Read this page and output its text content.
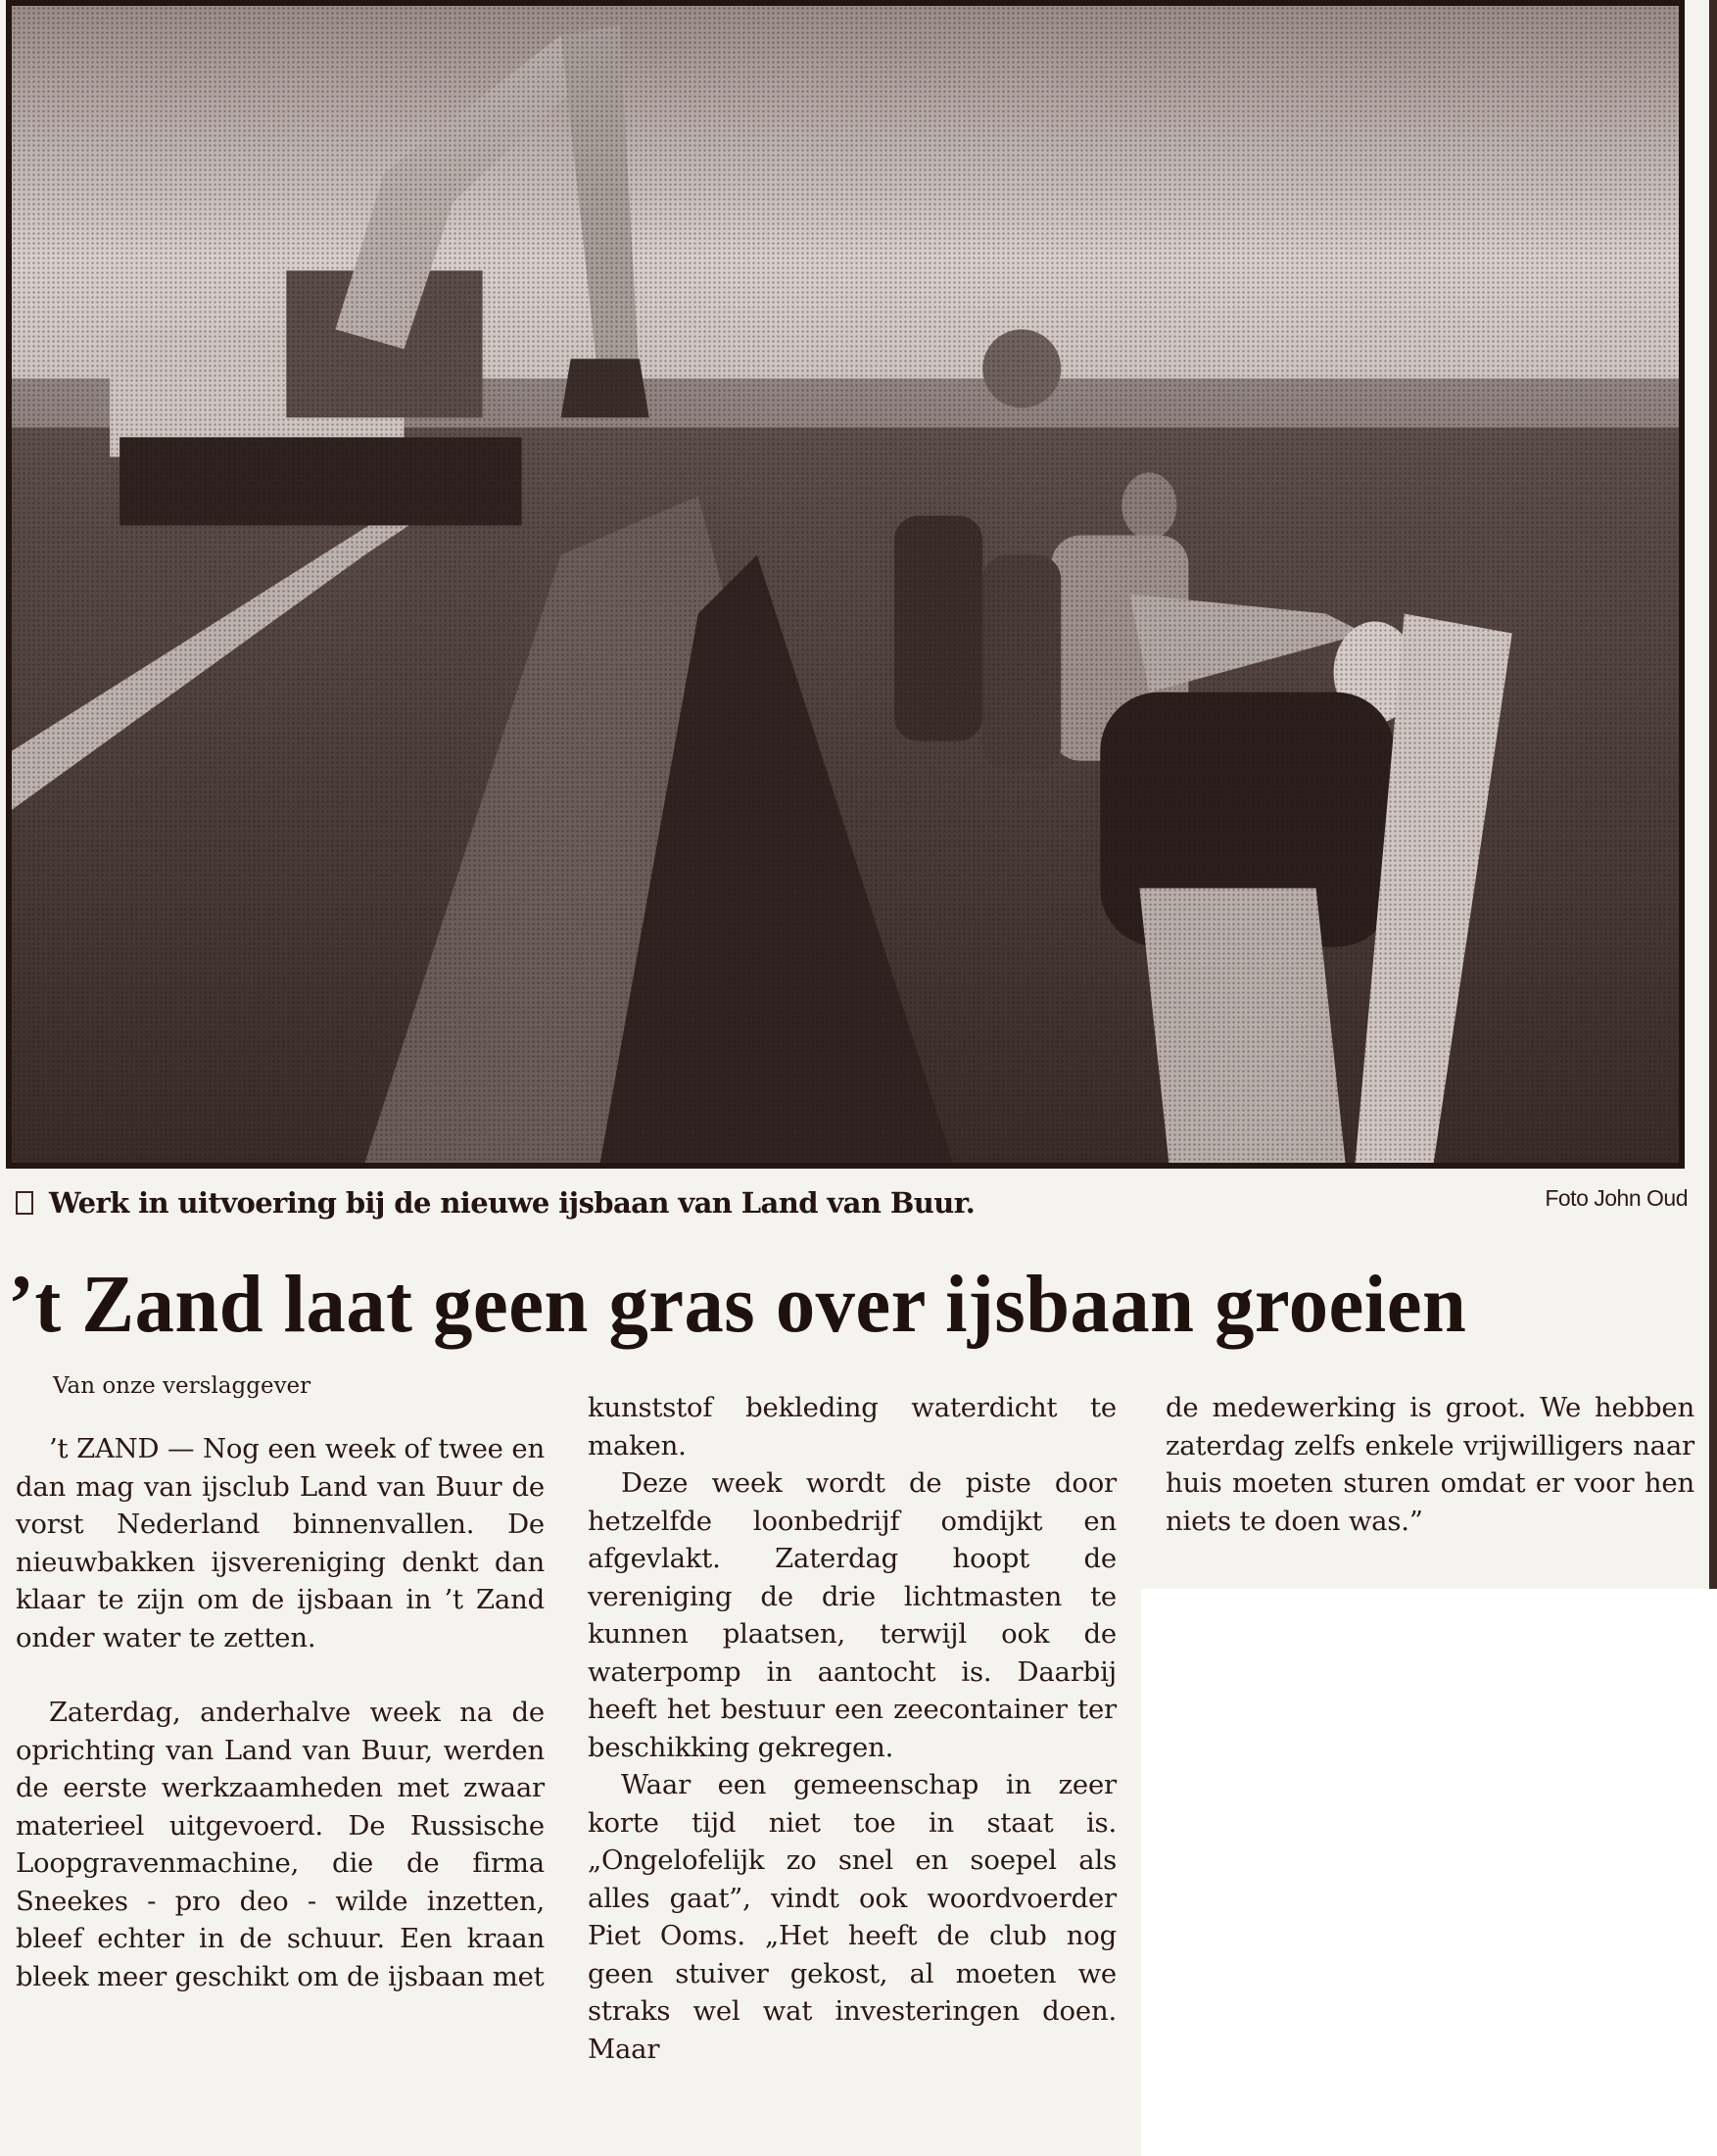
Werk in uitvoering bij de nieuwe ijsbaan van Land van Buur.	Foto John Oud
’t Zand laat geen gras over ijsbaan groeien
Van onze verslaggever

’t ZAND — Nog een week of twee en dan mag van ijsclub Land van Buur de vorst Nederland binnenvallen. De nieuwbakken ijsvereniging denkt dan klaar te zijn om de ijsbaan in ’t Zand onder water te zetten.

Zaterdag, anderhalve week na de oprichting van Land van Buur, werden de eerste werkzaamheden met zwaar materieel uitgevoerd. De Russische Loopgravenmachine, die de firma Sneekes - pro deo - wilde inzetten, bleef echter in de schuur. Een kraan bleek meer geschikt om de ijsbaan met

kunststof bekleding waterdicht te maken.

Deze week wordt de piste door hetzelfde loonbedrijf omdijkt en afgevlakt. Zaterdag hoopt de vereniging de drie lichtmasten te kunnen plaatsen, terwijl ook de waterpomp in aantocht is. Daarbij heeft het bestuur een zeecontainer ter beschikking gekregen.

Waar een gemeenschap in zeer korte tijd niet toe in staat is. „Ongelofelijk zo snel en soepel als alles gaat”, vindt ook woordvoerder Piet Ooms. „Het heeft de club nog geen stuiver gekost, al moeten we straks wel wat investeringen doen. Maar

de medewerking is groot. We hebben zaterdag zelfs enkele vrijwilligers naar huis moeten sturen omdat er voor hen niets te doen was.”
